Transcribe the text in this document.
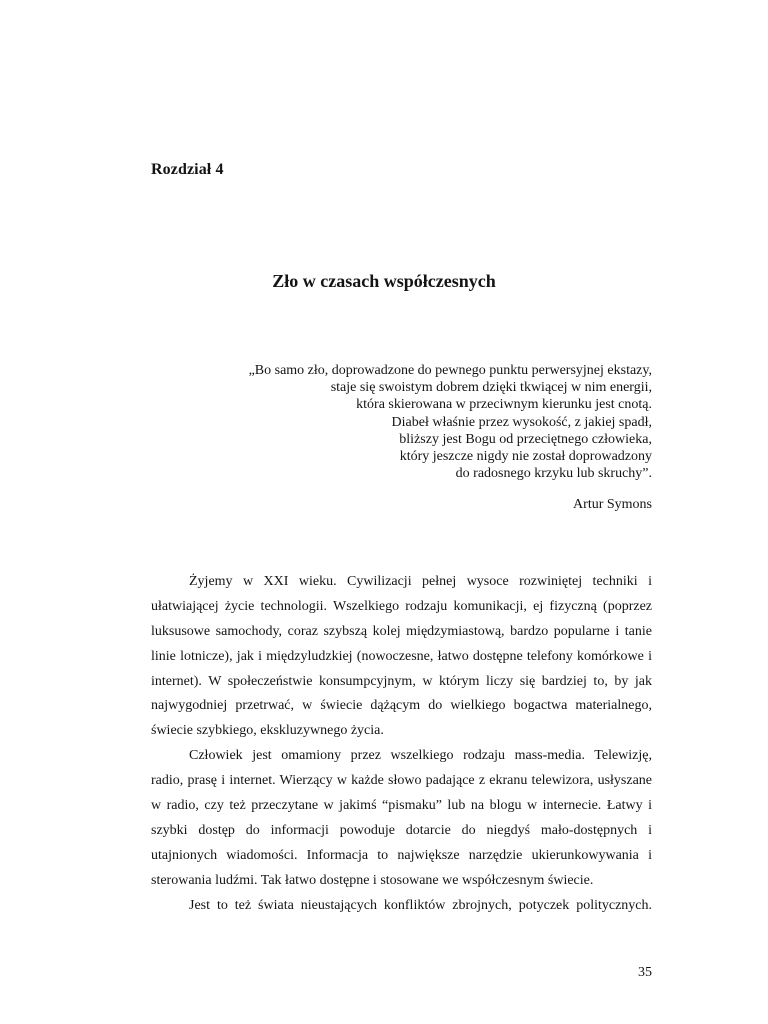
Rozdział 4
Zło w czasach współczesnych
„Bo samo zło, doprowadzone do pewnego punktu perwersyjnej ekstazy,
staje się swoistym dobrem dzięki tkwiącej w nim energii,
która skierowana w przeciwnym kierunku jest cnotą.
Diabeł właśnie przez wysokość, z jakiej spadł,
bliższy jest Bogu od przeciętnego człowieka,
który jeszcze nigdy nie został doprowadzony
do radosnego krzyku lub skruchy”.
Artur Symons
Żyjemy w XXI wieku. Cywilizacji pełnej wysoce rozwiniętej techniki i
ułatwiającej życie technologii. Wszelkiego rodzaju komunikacji, ej fizyczną (poprzez
luksusowe samochody, coraz szybszą kolej międzymiastową, bardzo popularne i tanie
linie lotnicze), jak i międzyludzkiej (nowoczesne, łatwo dostępne telefony komórkowe i
internet). W społeczeństwie konsumpcyjnym, w którym liczy się bardziej to, by jak
najwygodniej przetrwać, w świecie dążącym do wielkiego bogactwa materialnego,
świecie szybkiego, ekskluzywnego życia.
Człowiek jest omamiony przez wszelkiego rodzaju mass-media. Telewizję,
radio, prasę i internet. Wierzący w każde słowo padające z ekranu telewizora, usłyszane
w radio, czy też przeczytane w jakimś “pismaku” lub na blogu w internecie. Łatwy i
szybki dostęp do informacji powoduje dotarcie do niegdyś mało-dostępnych i
utajnionych wiadomości. Informacja to największe narzędzie ukierunkowywania i
sterowania ludźmi. Tak łatwo dostępne i stosowane we współczesnym świecie.
Jest to też świata nieustających konfliktów zbrojnych, potyczek politycznych.
35
